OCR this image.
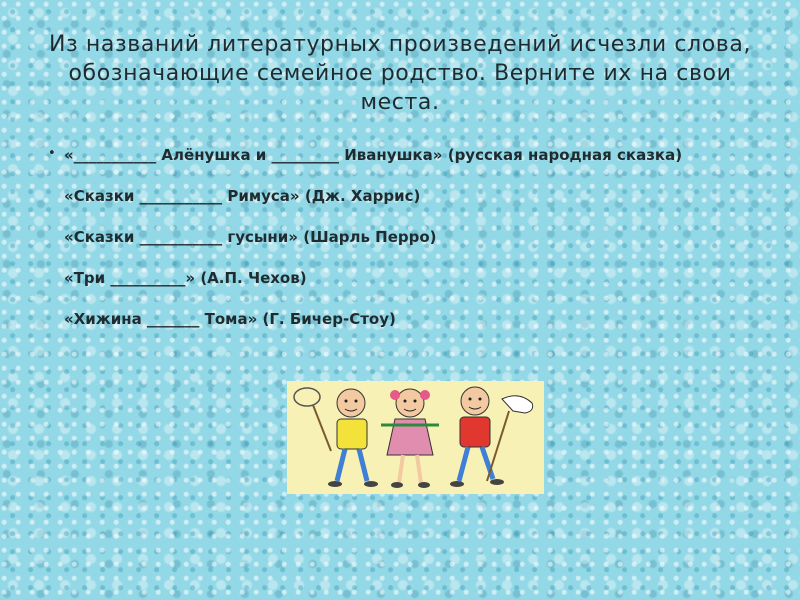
Из названий литературных произведений исчезли слова, обозначающие семейное родство. Верните их на свои места.
• «___________ Алёнушка и _________ Иванушка» (русская народная сказка)
«Сказки ___________ Римуса» (Дж. Харрис)
«Сказки ___________ гусыни» (Шарль Перро)
«Три __________» (А.П. Чехов)
«Хижина _______ Тома» (Г. Бичер-Стоу)
